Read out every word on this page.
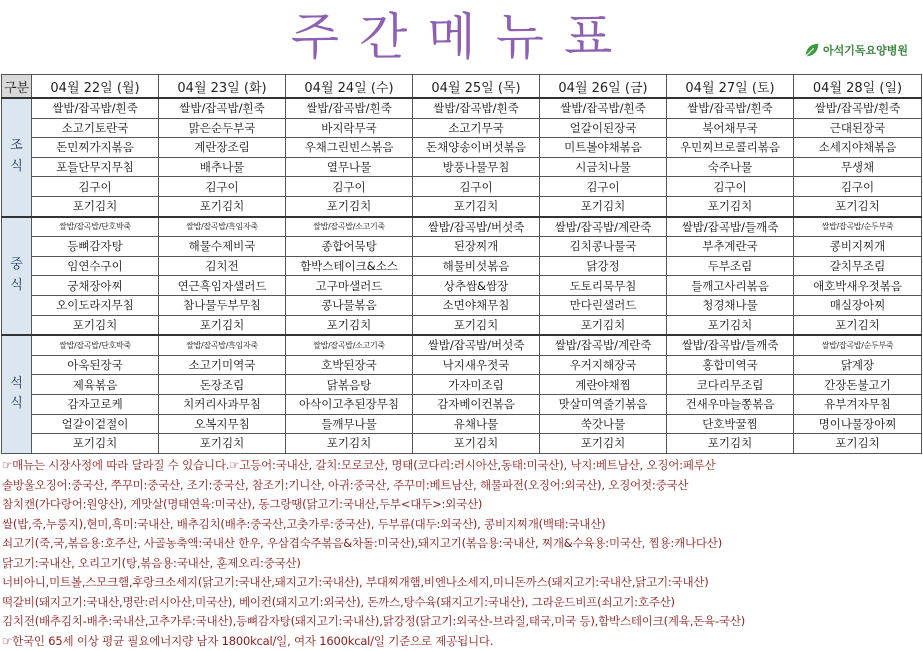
주간메뉴표	아석기독요양병원
구분	04월 22일 (월)	04월 23일 (화)	04월 24일 (수)	04월 25일 (목)	04월 26일 (금)	04월 27일 (토)	04월 28일 (일)

조
식	쌀밥/잡곡밥/흰죽	쌀밥/잡곡밥/흰죽	쌀밥/잡곡밥/흰죽	쌀밥/잡곡밥/흰죽	쌀밥/잡곡밥/흰죽	쌀밥/잡곡밥/흰죽	쌀밥/잡곡밥/흰죽
	소고기토란국	맑은순두부국	바지락무국	소고기무국	얼갈이된장국	북어채무국	근대된장국
	돈민찌가지볶음	계란장조림	우채그린빈스볶음	돈채양송이버섯볶음	미트볼야채볶음	우민찌브로콜리볶음	소세지야채볶음
	포들단무지무침	배추나물	열무나물	방풍나물무침	시금치나물	숙주나물	무생채
	김구이	김구이	김구이	김구이	김구이	김구이	김구이
	포기김치	포기김치	포기김치	포기김치	포기김치	포기김치	포기김치

중
식	쌀밥/잡곡밥/단호박죽	쌀밥/잡곡밥/흑임자죽	쌀밥/잡곡밥/소고기죽	쌀밥/잡곡밥/버섯죽	쌀밥/잡곡밥/계란죽	쌀밥/잡곡밥/들깨죽	쌀밥/잡곡밥/순두부죽
	등뼈감자탕	해물수제비국	종합어묵탕	된장찌개	김치콩나물국	부추계란국	콩비지찌개
	임연수구이	김치전	함박스테이크&소스	해물비섯볶음	닭강정	두부조림	갈치무조림
	궁채장아찌	연근흑임자샐러드	고구마샐러드	상추쌈&쌈장	도토리묵무침	들깨고사리볶음	애호박새우젓볶음
	오이도라지무침	참나물두부무침	콩나물볶음	소면야채무침	만다린샐러드	청경채나물	매실장아찌
	포기김치	포기김치	포기김치	포기김치	포기김치	포기김치	포기김치

석
식	쌀밥/잡곡밥/단호박죽	쌀밥/잡곡밥/흑임자죽	쌀밥/잡곡밥/소고기죽	쌀밥/잡곡밥/버섯죽	쌀밥/잡곡밥/계란죽	쌀밥/잡곡밥/들깨죽	쌀밥/잡곡밥/순두부죽
	아욱된장국	소고기미역국	호박된장국	낙지새우젓국	우거지해장국	홍합미역국	닭계장
	제육볶음	돈장조림	닭볶음탕	가자미조림	계란야채찜	코다리무조림	간장돈불고기
	감자고로케	치커리사과무침	아삭이고추된장무침	감자베이컨볶음	맛살미역줄기볶음	건새우마늘쫑볶음	유부겨자무침
	얼갈이겉절이	오복지무침	들깨무나물	유채나물	쑥갓나물	단호박꿀찜	명이나물장아찌
	포기김치	포기김치	포기김치	포기김치	포기김치	포기김치	포기김치
☞매뉴는 시장사정에 따라 달라질 수 있습니다.☞고등어:국내산, 갈치:모로코산, 명태(코다리:러시아산,동태:미국산), 낙지:베트남산, 오징어:페루산
솔방울오징어:중국산, 쭈꾸미:중국산, 조기:중국산, 참조기:기니산, 아귀:중국산, 주꾸미:베트남산, 해물파전(오징어:외국산), 오징어젓:중국산
참치캔(가다랑어:원양산), 게맛살(명태연육:미국산), 동그랑땡(닭고기:국내산,두부<대두>:외국산)
쌀(밥,죽,누룽지),현미,흑미:국내산, 배추김치(배추:중국산,고춧가루:중국산), 두부류(대두:외국산), 콩비지찌개(백태:국내산)
쇠고기(죽,국,볶음용:호주산, 사골농축액:국내산 한우, 우삼겹숙주볶음&차돌:미국산),돼지고기(볶음용:국내산, 찌개&수육용:미국산, 찜용:캐나다산)
닭고기:국내산, 오리고기(탕,볶음용:국내산, 훈제오리:중국산)
너비아니,미트볼,스모크햄,후랑크소세지(닭고기:국내산,돼지고기:국내산), 부대찌개햄,비엔나소세지,미니돈까스(돼지고기:국내산,닭고기:국내산)
떡갈비(돼지고기:국내산,명란:러시아산,미국산), 베이컨(돼지고기:외국산), 돈까스,탕수육(돼지고기:국내산), 그라운드비프(쇠고기:호주산)
김치전(배추김치-배추:국내산,고추가루:국내산),등뼈감자탕(돼지고기:국내산),닭강정(닭고기:외국산-브라질,태국,미국 등),함박스테이크(계육,돈육-국산)
☞한국인 65세 이상 평균 필요에너지량 남자 1800kcal/일, 여자 1600kcal/일 기준으로 제공됩니다.
